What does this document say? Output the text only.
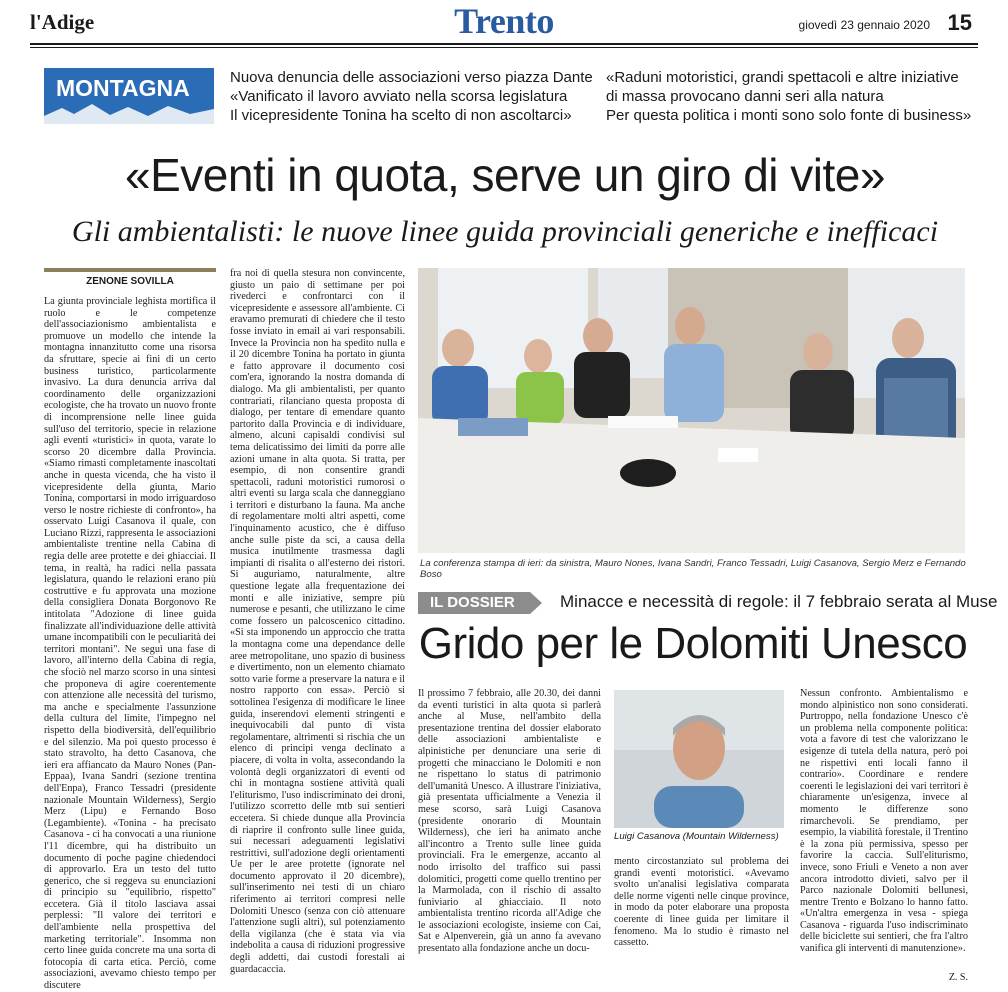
l'Adige	Trento	giovedì 23 gennaio 2020 15
MONTAGNA	Nuova denuncia delle associazioni verso piazza Dante
«Vanificato il lavoro avviato nella scorsa legislatura
Il vicepresidente Tonina ha scelto di non ascoltarci»
«Raduni motoristici, grandi spettacoli e altre iniziative
di massa provocano danni seri alla natura
Per questa politica i monti sono solo fonte di business»
«Eventi in quota, serve un giro di vite»
Gli ambientalisti: le nuove linee guida provinciali generiche e inefficaci
ZENONE SOVILLA

La giunta provinciale leghista mortifica il ruolo e le competenze dell'associazionismo ambientalista e promuove un modello che intende la montagna innanzitutto come una risorsa da sfruttare, specie ai fini di un certo business turistico, particolarmente invasivo. La dura denuncia arriva dal coordinamento delle organizzazioni ecologiste, che ha trovato un nuovo fronte di incomprensione nelle linee guida sull'uso del territorio, specie in relazione agli eventi «turistici» in quota, varate lo scorso 20 dicembre dalla Provincia. «Siamo rimasti completamente inascoltati anche in questa vicenda, che ha visto il vicepresidente della giunta, Mario Tonina, comportarsi in modo irriguardoso verso le nostre richieste di confronto», ha osservato Luigi Casanova il quale, con Luciano Rizzi, rappresenta le associazioni ambientaliste trentine nella Cabina di regia delle aree protette e dei ghiacciai. Il tema, in realtà, ha radici nella passata legislatura, quando le relazioni erano più costruttive e fu approvata una mozione della consigliera Donata Borgonovo Re intitolata "Adozione di linee guida finalizzate all'individuazione delle attività umane incompatibili con le peculiarità dei territori montani". Ne seguì una fase di lavoro, all'interno della Cabina di regia, che sfociò nel marzo scorso in una sintesi che proponeva di agire coerentemente con attenzione alle necessità del turismo, ma anche e specialmente l'assunzione della cultura del limite, l'impegno nel rispetto della biodiversità, dell'equilibrio e del silenzio. Ma poi questo processo è stato stravolto, ha detto Casanova, che ieri era affiancato da Mauro Nones (Pan-Eppaa), Ivana Sandri (sezione trentina dell'Enpa), Franco Tessadri (presidente nazionale Mountain Wilderness), Sergio Merz (Lipu) e Fernando Boso (Legambiente). «Tonina - ha precisato Casanova - ci ha convocati a una riunione l'11 dicembre, qui ha distribuito un documento di poche pagine chiedendoci di approvarlo. Era un testo del tutto generico, che si reggeva su enunciazioni di principio su "equilibrio, rispetto" eccetera. Già il titolo lasciava assai perplessi: "Il valore dei territori e dell'ambiente nella prospettiva del marketing territoriale". Insomma non certo linee guida concrete ma una sorta di fotocopia di carta etica. Perciò, come associazioni, avevamo chiesto tempo per discutere

fra noi di quella stesura non convincente, giusto un paio di settimane per poi rivederci e confrontarci con il vicepresidente e assessore all'ambiente. Ci eravamo premurati di chiedere che il testo fosse inviato in email ai vari responsabili. Invece la Provincia non ha spedito nulla e il 20 dicembre Tonina ha portato in giunta e fatto approvare il documento così com'era, ignorando la nostra domanda di dialogo. Ma gli ambientalisti, per quanto contrariati, rilanciano questa proposta di dialogo, per tentare di emendare quanto partorito dalla Provincia e di individuare, almeno, alcuni capisaldi condivisi sul tema delicatissimo dei limiti da porre alle azioni umane in alta quota. Si tratta, per esempio, di non consentire grandi spettacoli, raduni motoristici rumorosi o altri eventi su larga scala che danneggiano i territori e disturbano la fauna. Ma anche di regolamentare molti altri aspetti, come l'inquinamento acustico, che è diffuso anche sulle piste da sci, a causa della musica inutilmente trasmessa dagli impianti di risalita o all'esterno dei ristori. Si auguriamo, naturalmente, altre questione legate alla frequentazione dei monti e alle iniziative, sempre più numerose e pesanti, che utilizzano le cime come fossero un palcoscenico cittadino. «Si sta imponendo un approccio che tratta la montagna come una dependance delle aree metropolitane, uno spazio di business e divertimento, non un elemento chiamato sotto varie forme a preservare la natura e il nostro rapporto con essa». Perciò si sottolinea l'esigenza di modificare le linee guida, inserendovi elementi stringenti e inequivocabili dal punto di vista regolamentare, altrimenti si rischia che un elenco di principi venga declinato a piacere, di volta in volta, assecondando la volontà degli organizzatori di eventi od chi in montagna sostiene attività quali l'eliturismo, l'uso indiscriminato dei droni, l'utilizzo scorretto delle mtb sui sentieri eccetera. Si chiede dunque alla Provincia di riaprire il confronto sulle linee guida, sui necessari adeguamenti legislativi restrittivi, sull'adozione degli orientamenti Ue per le aree protette (ignorate nel documento approvato il 20 dicembre), sull'inserimento nei testi di un chiaro riferimento ai territori compresi nelle Dolomiti Unesco (senza con ciò attenuare l'attenzione sugli altri), sul potenziamento della vigilanza (che è stata via via indebolita a causa di riduzioni progressive degli addetti, dai custodi forestali ai guardacaccia.

La conferenza stampa di ieri: da sinistra, Mauro Nones, Ivana Sandri, Franco Tessadri, Luigi Casanova, Sergio Merz e Fernando Boso
IL DOSSIER	Minacce e necessità di regole: il 7 febbraio serata al Muse
Grido per le Dolomiti Unesco

Il prossimo 7 febbraio, alle 20.30, dei danni da eventi turistici in alta quota si parlerà anche al Muse, nell'ambito della presentazione trentina del dossier elaborato delle associazioni ambientaliste e alpinistiche per denunciare una serie di progetti che minacciano le Dolomiti e non ne rispettano lo status di patrimonio dell'umanità Unesco. A illustrare l'iniziativa, già presentata ufficialmente a Venezia il mese scorso, sarà Luigi Casanova (presidente onorario di Mountain Wilderness), che ieri ha animato anche all'incontro a Trento sulle linee guida provinciali. Fra le emergenze, accanto al nodo irrisolto del traffico sui passi dolomitici, progetti come quello trentino per la Marmolada, con il rischio di assalto funiviario al ghiacciaio. Il noto ambientalista trentino ricorda all'Adige che le associazioni ecologiste, insieme con Cai, Sat e Alpenverein, già un anno fa avevano presentato alla fondazione anche un docu-

Luigi Casanova (Mountain Wilderness)

mento circostanziato sul problema dei grandi eventi motoristici. «Avevamo svolto un'analisi legislativa comparata delle norme vigenti nelle cinque province, in modo da poter elaborare una proposta coerente di linee guida per limitare il fenomeno. Ma lo studio è rimasto nel cassetto.

Nessun confronto. Ambientalismo e mondo alpinistico non sono considerati. Purtroppo, nella fondazione Unesco c'è un problema nella componente politica: vota a favore di test che valorizzano le esigenze di tutela della natura, però poi ne rispettivi enti locali fanno il contrario». Coordinare e rendere coerenti le legislazioni dei vari territori è chiaramente un'esigenza, invece al momento le differenze sono rimarchevoli. Se prendiamo, per esempio, la viabilità forestale, il Trentino è la zona più permissiva, spesso per favorire la caccia. Sull'eliturismo, invece, sono Friuli e Veneto a non aver ancora introdotto divieti, salvo per il Parco nazionale Dolomiti bellunesi, mentre Trento e Bolzano lo hanno fatto. «Un'altra emergenza in vesa - spiega Casanova - riguarda l'uso indiscriminato delle biciclette sui sentieri, che fra l'altro vanifica gli interventi di manutenzione».

Z. S.
